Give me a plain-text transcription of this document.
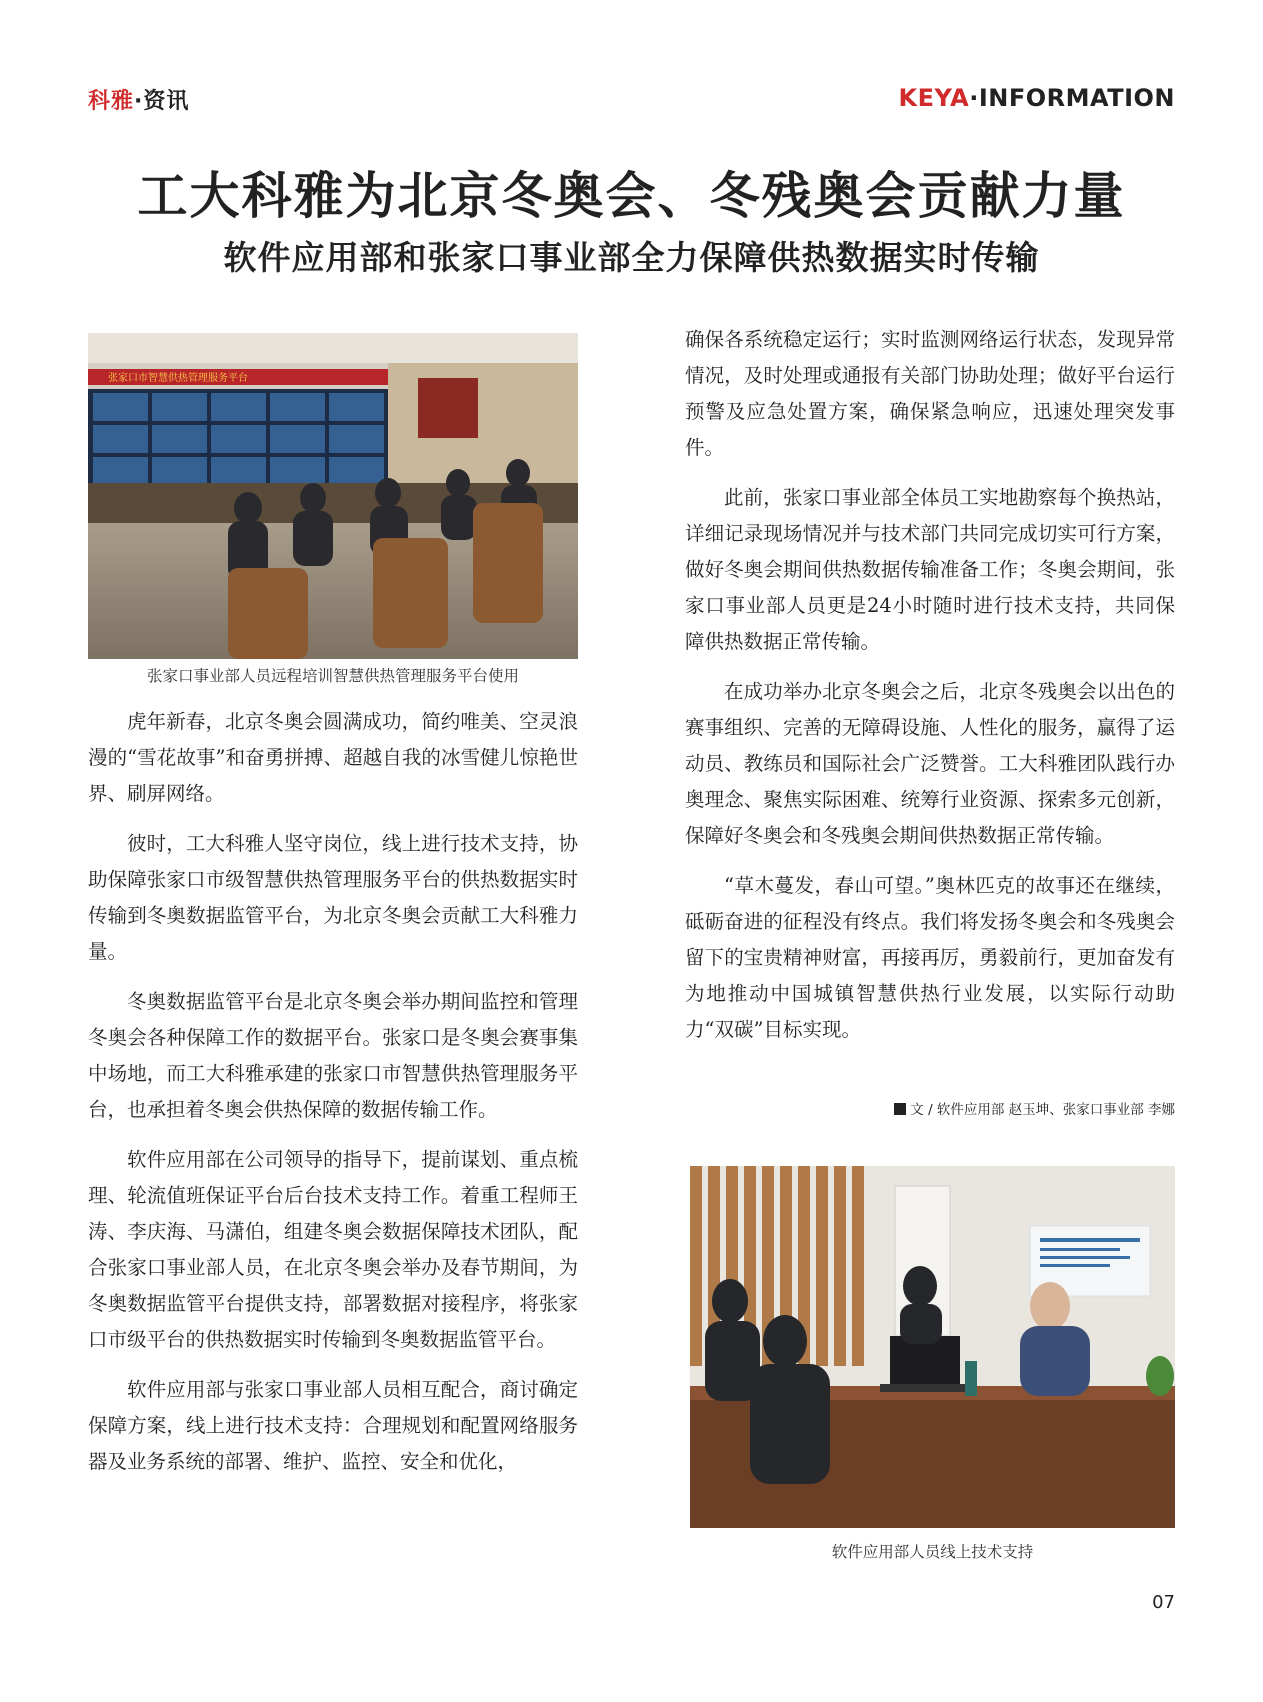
科雅·资讯	KEYA·INFORMATION
工大科雅为北京冬奥会、冬残奥会贡献力量
软件应用部和张家口事业部全力保障供热数据实时传输
张家口市智慧供热管理服务平台
张家口事业部人员远程培训智慧供热管理服务平台使用

虎年新春，北京冬奥会圆满成功，简约唯美、空灵浪漫的“雪花故事”和奋勇拼搏、超越自我的冰雪健儿惊艳世界、刷屏网络。

彼时，工大科雅人坚守岗位，线上进行技术支持，协助保障张家口市级智慧供热管理服务平台的供热数据实时传输到冬奥数据监管平台，为北京冬奥会贡献工大科雅力量。

冬奥数据监管平台是北京冬奥会举办期间监控和管理冬奥会各种保障工作的数据平台。张家口是冬奥会赛事集中场地，而工大科雅承建的张家口市智慧供热管理服务平台，也承担着冬奥会供热保障的数据传输工作。

软件应用部在公司领导的指导下，提前谋划、重点梳理、轮流值班保证平台后台技术支持工作。着重工程师王涛、李庆海、马潇伯，组建冬奥会数据保障技术团队，配合张家口事业部人员，在北京冬奥会举办及春节期间，为冬奥数据监管平台提供支持，部署数据对接程序，将张家口市级平台的供热数据实时传输到冬奥数据监管平台。

软件应用部与张家口事业部人员相互配合，商讨确定保障方案，线上进行技术支持：合理规划和配置网络服务器及业务系统的部署、维护、监控、安全和优化，

确保各系统稳定运行；实时监测网络运行状态，发现异常情况，及时处理或通报有关部门协助处理；做好平台运行预警及应急处置方案，确保紧急响应，迅速处理突发事件。

此前，张家口事业部全体员工实地勘察每个换热站，详细记录现场情况并与技术部门共同完成切实可行方案，做好冬奥会期间供热数据传输准备工作；冬奥会期间，张家口事业部人员更是24小时随时进行技术支持，共同保障供热数据正常传输。

在成功举办北京冬奥会之后，北京冬残奥会以出色的赛事组织、完善的无障碍设施、人性化的服务，赢得了运动员、教练员和国际社会广泛赞誉。工大科雅团队践行办奥理念、聚焦实际困难、统筹行业资源、探索多元创新，保障好冬奥会和冬残奥会期间供热数据正常传输。

“草木蔓发，春山可望。”奥林匹克的故事还在继续，砥砺奋进的征程没有终点。我们将发扬冬奥会和冬残奥会留下的宝贵精神财富，再接再厉，勇毅前行，更加奋发有为地推动中国城镇智慧供热行业发展，以实际行动助力“双碳”目标实现。

文 / 软件应用部 赵玉坤、张家口事业部 李娜
软件应用部人员线上技术支持
07
